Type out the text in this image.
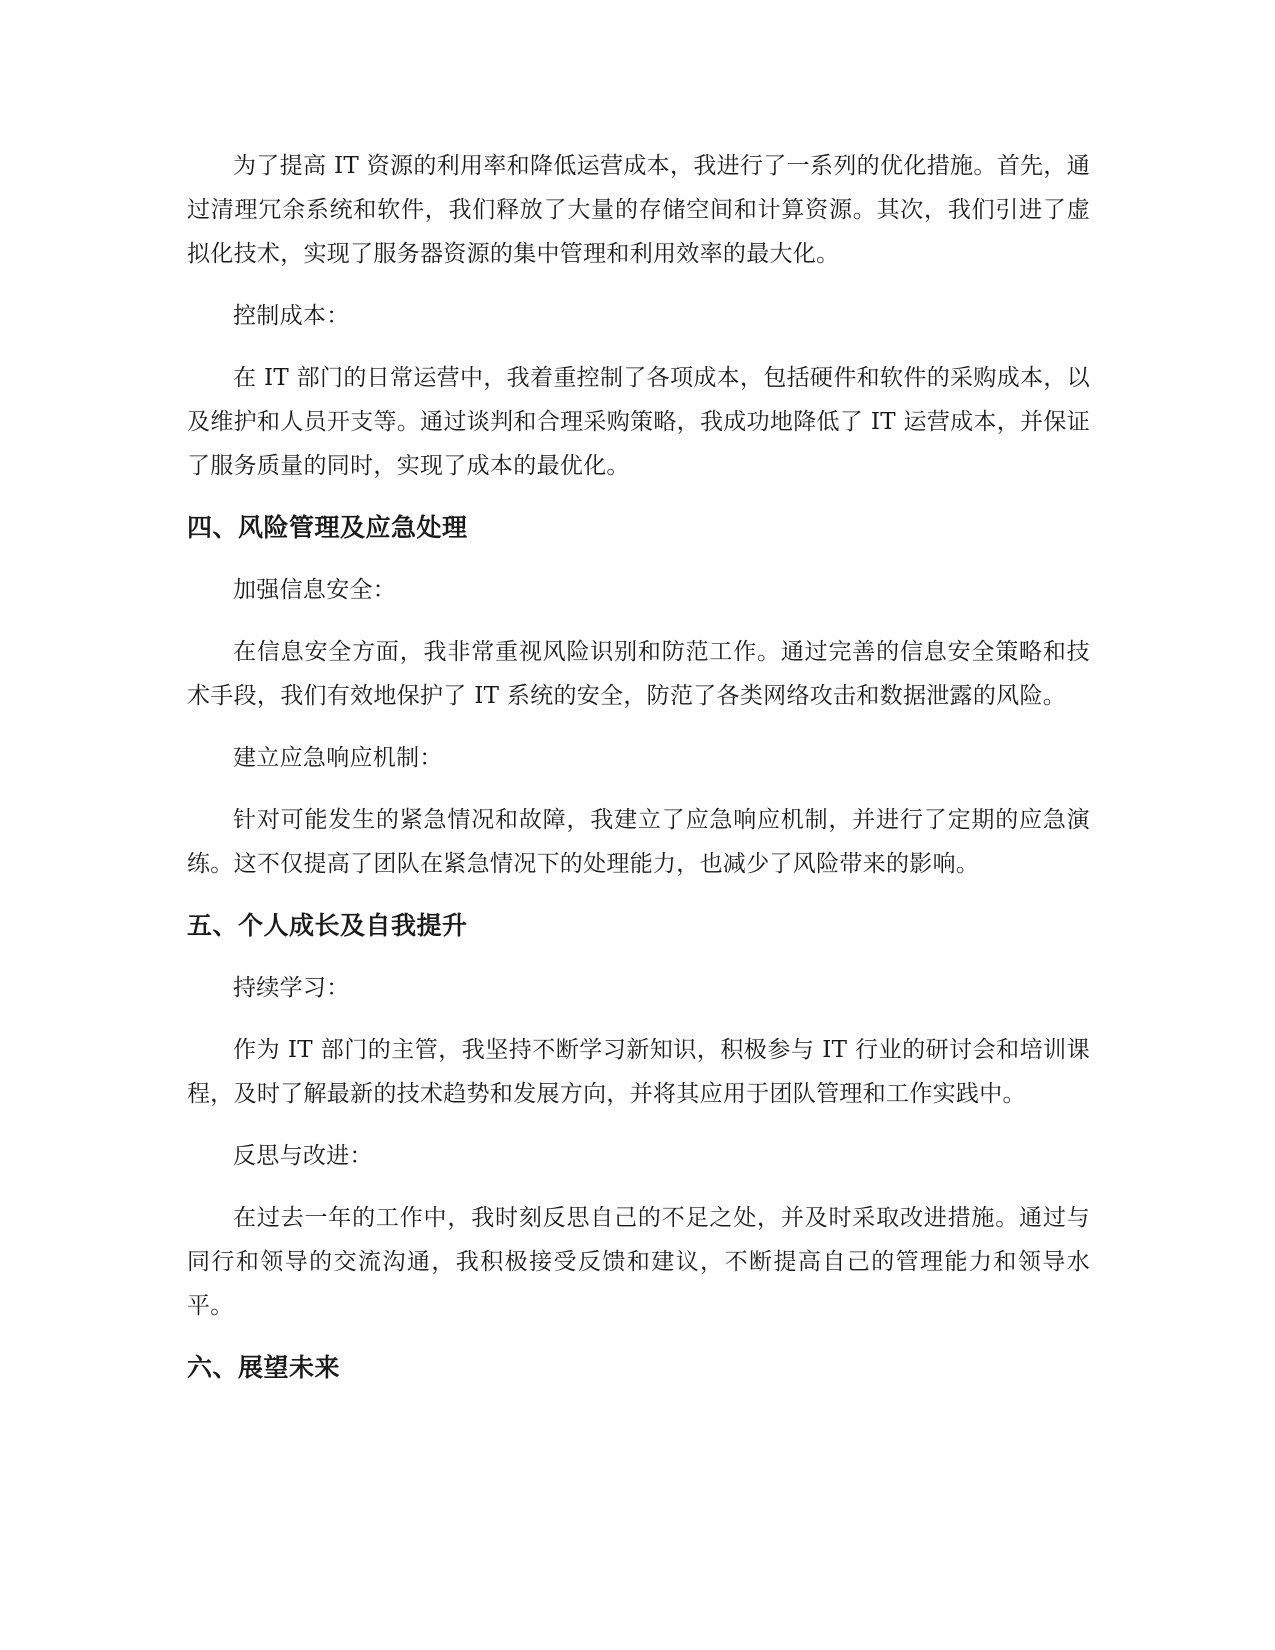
为了提高 IT 资源的利用率和降低运营成本，我进行了一系列的优化措施。首先，通过清理冗余系统和软件，我们释放了大量的存储空间和计算资源。其次，我们引进了虚拟化技术，实现了服务器资源的集中管理和利用效率的最大化。

控制成本：

在 IT 部门的日常运营中，我着重控制了各项成本，包括硬件和软件的采购成本，以及维护和人员开支等。通过谈判和合理采购策略，我成功地降低了 IT 运营成本，并保证了服务质量的同时，实现了成本的最优化。

四、风险管理及应急处理

加强信息安全：

在信息安全方面，我非常重视风险识别和防范工作。通过完善的信息安全策略和技术手段，我们有效地保护了 IT 系统的安全，防范了各类网络攻击和数据泄露的风险。

建立应急响应机制：

针对可能发生的紧急情况和故障，我建立了应急响应机制，并进行了定期的应急演练。这不仅提高了团队在紧急情况下的处理能力，也减少了风险带来的影响。

五、个人成长及自我提升

持续学习：

作为 IT 部门的主管，我坚持不断学习新知识，积极参与 IT 行业的研讨会和培训课程，及时了解最新的技术趋势和发展方向，并将其应用于团队管理和工作实践中。

反思与改进：

在过去一年的工作中，我时刻反思自己的不足之处，并及时采取改进措施。通过与同行和领导的交流沟通，我积极接受反馈和建议，不断提高自己的管理能力和领导水平。

六、展望未来
